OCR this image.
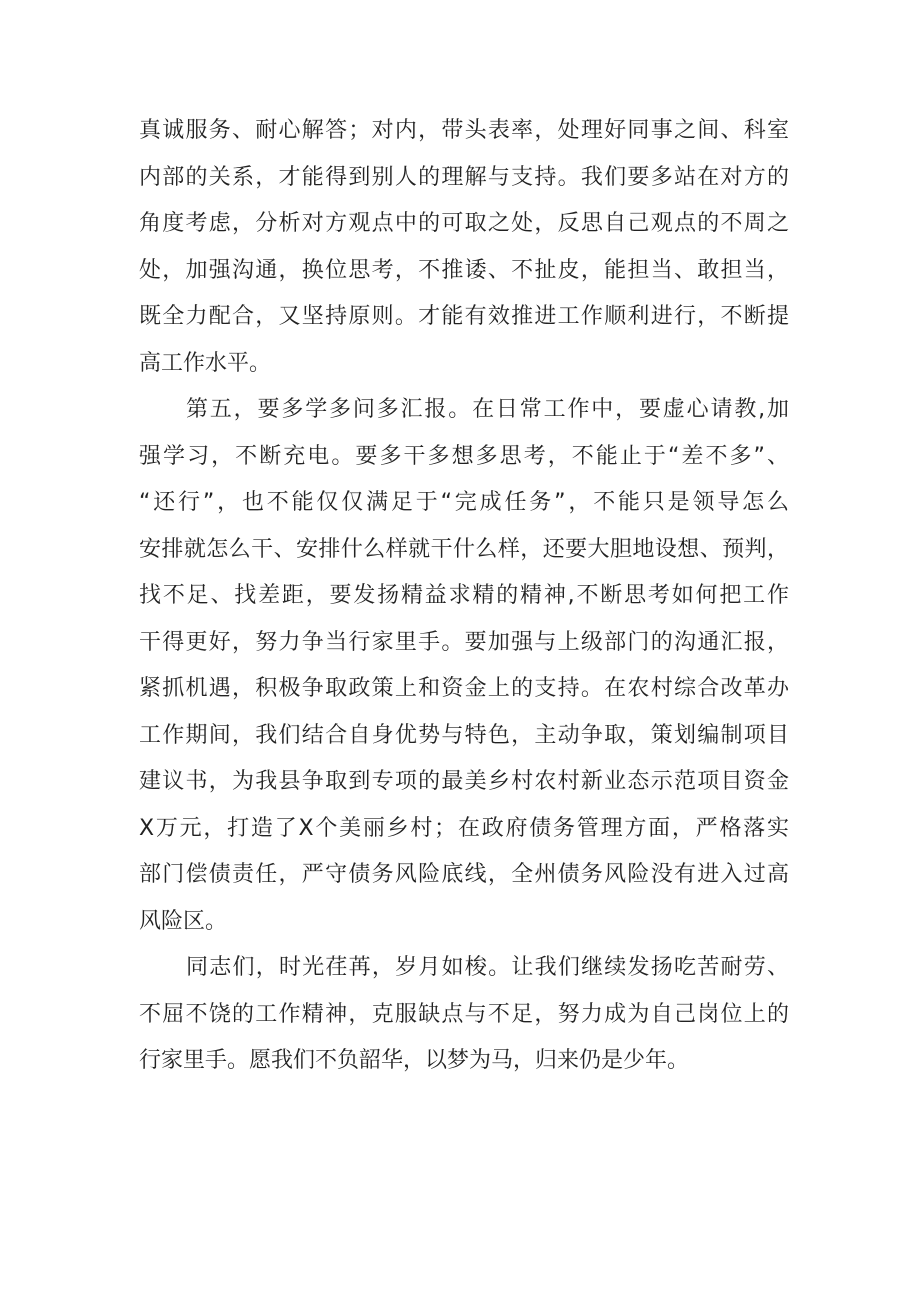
真诚服务、耐心解答；对内，带头表率，处理好同事之间、科室
内部的关系，才能得到别人的理解与支持。我们要多站在对方的
角度考虑，分析对方观点中的可取之处，反思自己观点的不周之
处，加强沟通，换位思考，不推诿、不扯皮，能担当、敢担当，
既全力配合，又坚持原则。才能有效推进工作顺利进行，不断提
高工作水平。
第五，要多学多问多汇报。在日常工作中，要虚心请教,加
强学习，不断充电。要多干多想多思考，不能止于“差不多”、
“还行”，也不能仅仅满足于“完成任务”，不能只是领导怎么
安排就怎么干、安排什么样就干什么样，还要大胆地设想、预判，
找不足、找差距，要发扬精益求精的精神,不断思考如何把工作
干得更好，努力争当行家里手。要加强与上级部门的沟通汇报，
紧抓机遇，积极争取政策上和资金上的支持。在农村综合改革办
工作期间，我们结合自身优势与特色，主动争取，策划编制项目
建议书，为我县争取到专项的最美乡村农村新业态示范项目资金
X万元，打造了X个美丽乡村；在政府债务管理方面，严格落实
部门偿债责任，严守债务风险底线，全州债务风险没有进入过高
风险区。
同志们，时光荏苒，岁月如梭。让我们继续发扬吃苦耐劳、
不屈不饶的工作精神，克服缺点与不足，努力成为自己岗位上的
行家里手。愿我们不负韶华，以梦为马，归来仍是少年。
